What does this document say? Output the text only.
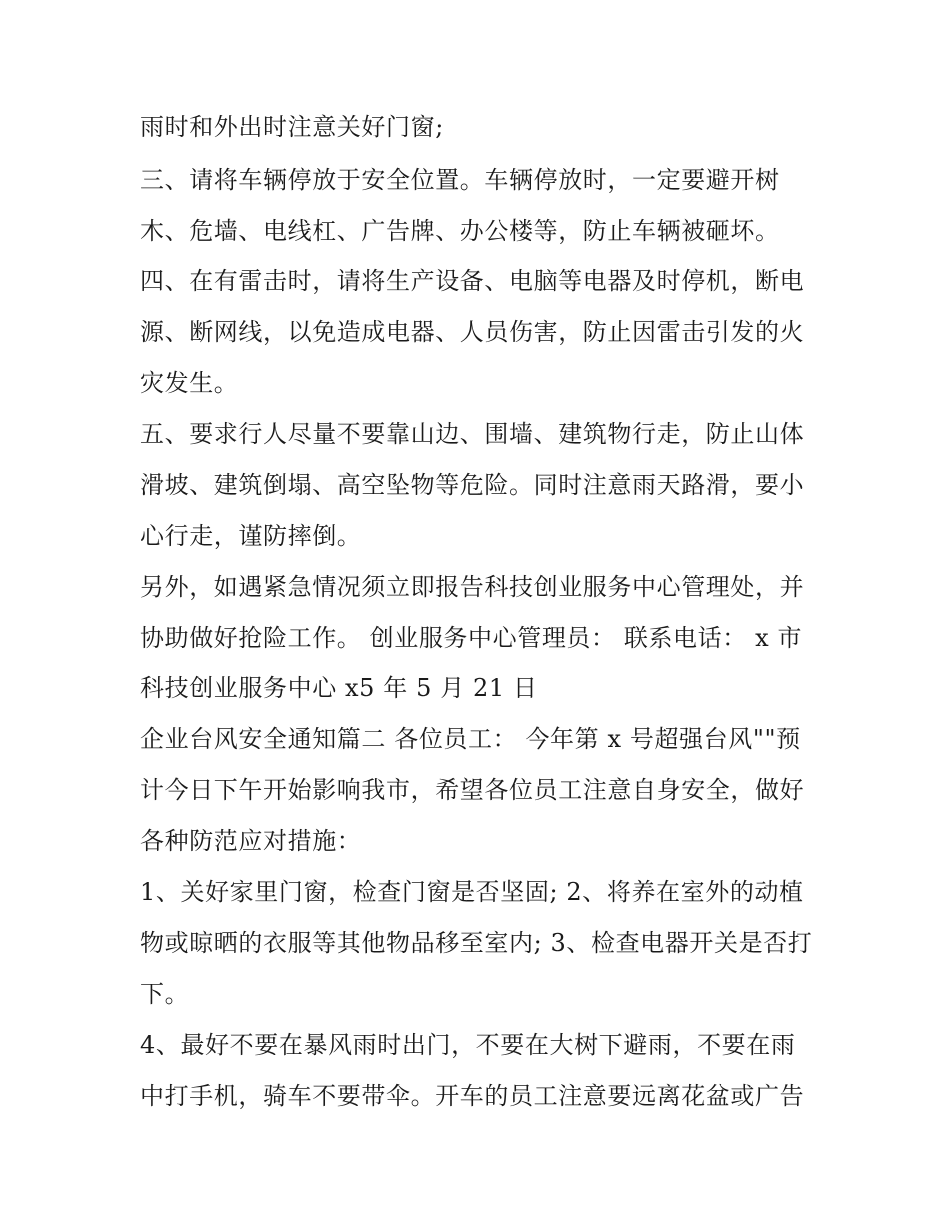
雨时和外出时注意关好门窗;
三、请将车辆停放于安全位置。车辆停放时，一定要避开树
木、危墙、电线杠、广告牌、办公楼等，防止车辆被砸坏。
四、在有雷击时，请将生产设备、电脑等电器及时停机，断电
源、断网线，以免造成电器、人员伤害，防止因雷击引发的火
灾发生。
五、要求行人尽量不要靠山边、围墙、建筑物行走，防止山体
滑坡、建筑倒塌、高空坠物等危险。同时注意雨天路滑，要小
心行走，谨防摔倒。
另外，如遇紧急情况须立即报告科技创业服务中心管理处，并
协助做好抢险工作。 创业服务中心管理员： 联系电话： x 市
科技创业服务中心 x5 年 5 月 21 日
企业台风安全通知篇二 各位员工： 今年第 x 号超强台风""预
计今日下午开始影响我市，希望各位员工注意自身安全，做好
各种防范应对措施：
1、关好家里门窗，检查门窗是否坚固; 2、将养在室外的动植
物或晾晒的衣服等其他物品移至室内; 3、检查电器开关是否打
下。
4、最好不要在暴风雨时出门，不要在大树下避雨，不要在雨
中打手机，骑车不要带伞。开车的员工注意要远离花盆或广告
